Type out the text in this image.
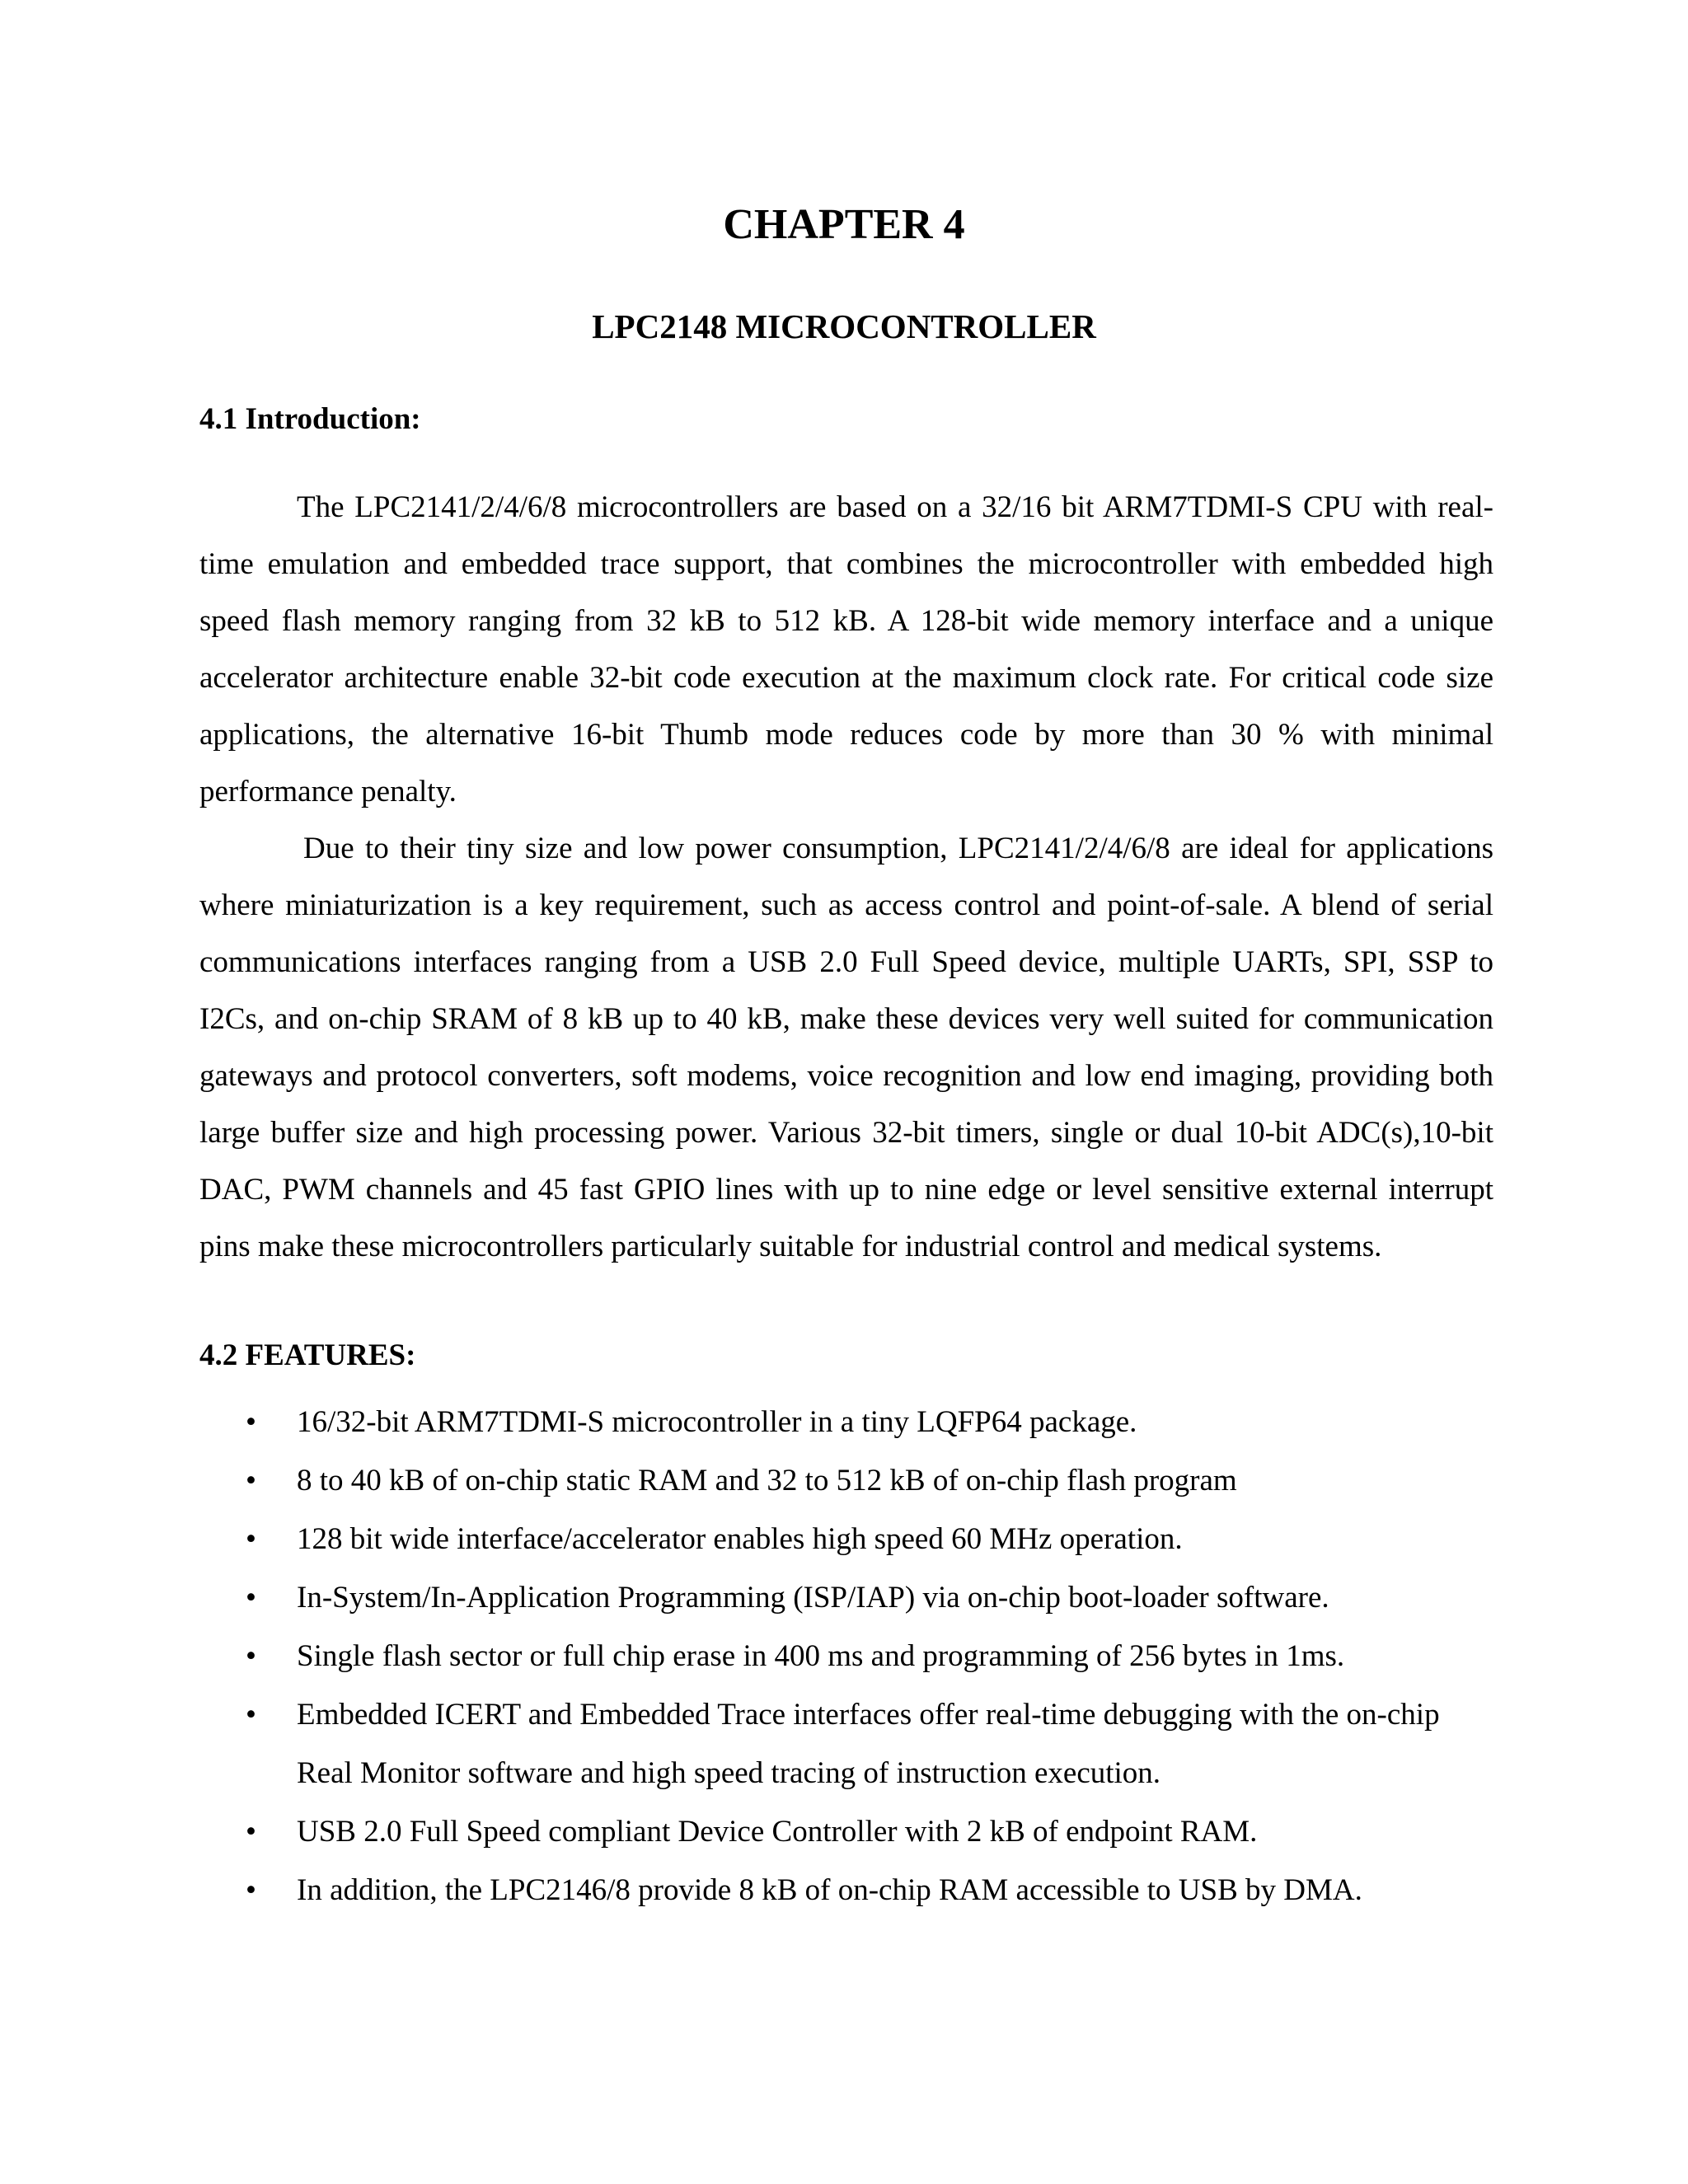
CHAPTER 4
LPC2148 MICROCONTROLLER
4.1 Introduction:

The LPC2141/2/4/6/8 microcontrollers are based on a 32/16 bit ARM7TDMI-S CPU with real-time emulation and embedded trace support, that combines the microcontroller with embedded high speed flash memory ranging from 32 kB to 512 kB. A 128-bit wide memory interface and a unique accelerator architecture enable 32-bit code execution at the maximum clock rate. For critical code size applications, the alternative 16-bit Thumb mode reduces code by more than 30 % with minimal performance penalty.

Due to their tiny size and low power consumption, LPC2141/2/4/6/8 are ideal for applications where miniaturization is a key requirement, such as access control and point-of-sale. A blend of serial communications interfaces ranging from a USB 2.0 Full Speed device, multiple UARTs, SPI, SSP to I2Cs, and on-chip SRAM of 8 kB up to 40 kB, make these devices very well suited for communication gateways and protocol converters, soft modems, voice recognition and low end imaging, providing both large buffer size and high processing power. Various 32-bit timers, single or dual 10-bit ADC(s),10-bit DAC, PWM channels and 45 fast GPIO lines with up to nine edge or level sensitive external interrupt pins make these microcontrollers particularly suitable for industrial control and medical systems.

4.2 FEATURES:
• 16/32-bit ARM7TDMI-S microcontroller in a tiny LQFP64 package.
• 8 to 40 kB of on-chip static RAM and 32 to 512 kB of on-chip flash program
• 128 bit wide interface/accelerator enables high speed 60 MHz operation.
• In-System/In-Application Programming (ISP/IAP) via on-chip boot-loader software.
• Single flash sector or full chip erase in 400 ms and programming of 256 bytes in 1ms.
• Embedded ICERT and Embedded Trace interfaces offer real-time debugging with the on-chip Real Monitor software and high speed tracing of instruction execution.
• USB 2.0 Full Speed compliant Device Controller with 2 kB of endpoint RAM.
• In addition, the LPC2146/8 provide 8 kB of on-chip RAM accessible to USB by DMA.
